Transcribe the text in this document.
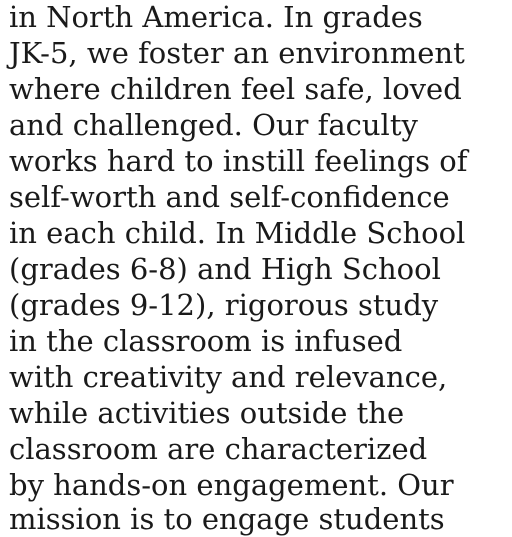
in North America. In grades

JK-5, we foster an environment

where children feel safe, loved

and challenged. Our faculty

works hard to instill feelings of

self-worth and self-confidence

in each child. In Middle School

(grades 6-8) and High School

(grades 9-12), rigorous study

in the classroom is infused

with creativity and relevance,

while activities outside the

classroom are characterized

by hands-on engagement. Our

mission is to engage students
